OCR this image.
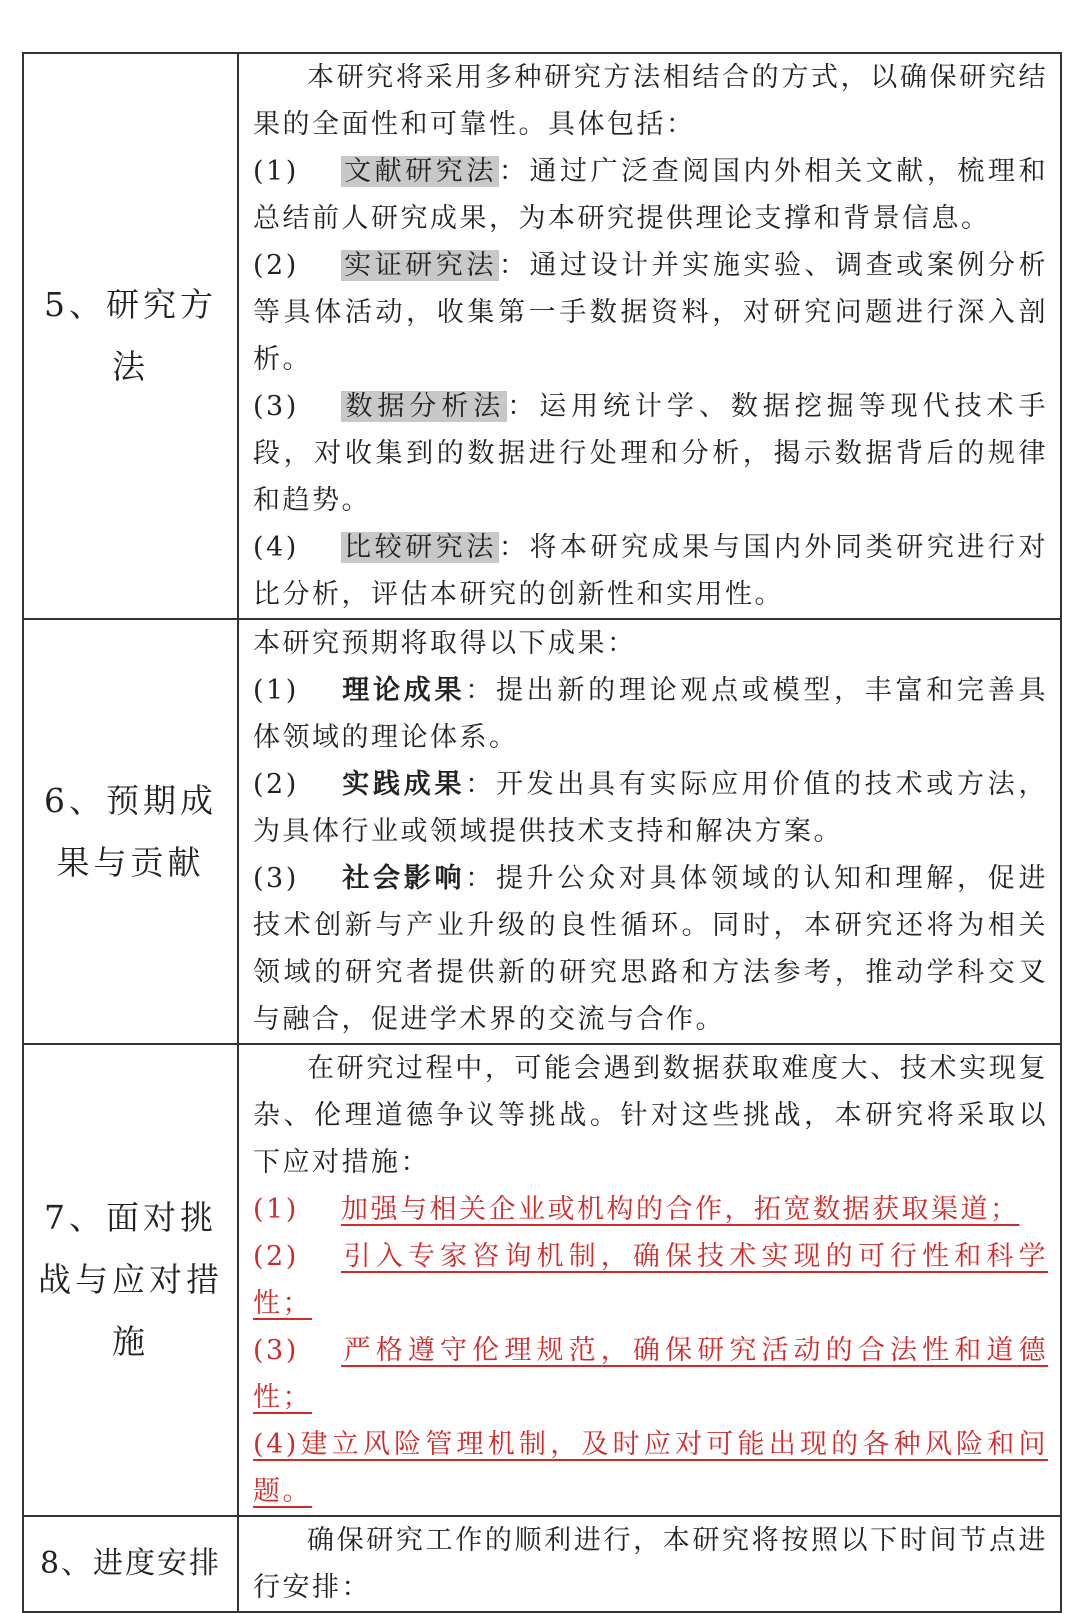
5、研究方法	本研究将采用多种研究方法相结合的方式，以确保研究结果的全面性和可靠性。具体包括：

(1) 文献研究法：通过广泛查阅国内外相关文献，梳理和总结前人研究成果，为本研究提供理论支撑和背景信息。

(2) 实证研究法：通过设计并实施实验、调查或案例分析等具体活动，收集第一手数据资料，对研究问题进行深入剖析。

(3) 数据分析法：运用统计学、数据挖掘等现代技术手段，对收集到的数据进行处理和分析，揭示数据背后的规律和趋势。

(4) 比较研究法：将本研究成果与国内外同类研究进行对比分析，评估本研究的创新性和实用性。

6、预期成果与贡献	本研究预期将取得以下成果：

(1) 理论成果：提出新的理论观点或模型，丰富和完善具体领域的理论体系。

(2) 实践成果：开发出具有实际应用价值的技术或方法，为具体行业或领域提供技术支持和解决方案。

(3) 社会影响：提升公众对具体领域的认知和理解，促进技术创新与产业升级的良性循环。同时，本研究还将为相关领域的研究者提供新的研究思路和方法参考，推动学科交叉与融合，促进学术界的交流与合作。

7、面对挑战与应对措施	在研究过程中，可能会遇到数据获取难度大、技术实现复杂、伦理道德争议等挑战。针对这些挑战，本研究将采取以下应对措施：

(1) 加强与相关企业或机构的合作，拓宽数据获取渠道；

(2) 引入专家咨询机制，确保技术实现的可行性和科学性；

(3) 严格遵守伦理规范，确保研究活动的合法性和道德性；

(4)建立风险管理机制，及时应对可能出现的各种风险和问题。

8、进度安排	确保研究工作的顺利进行，本研究将按照以下时间节点进行安排：
